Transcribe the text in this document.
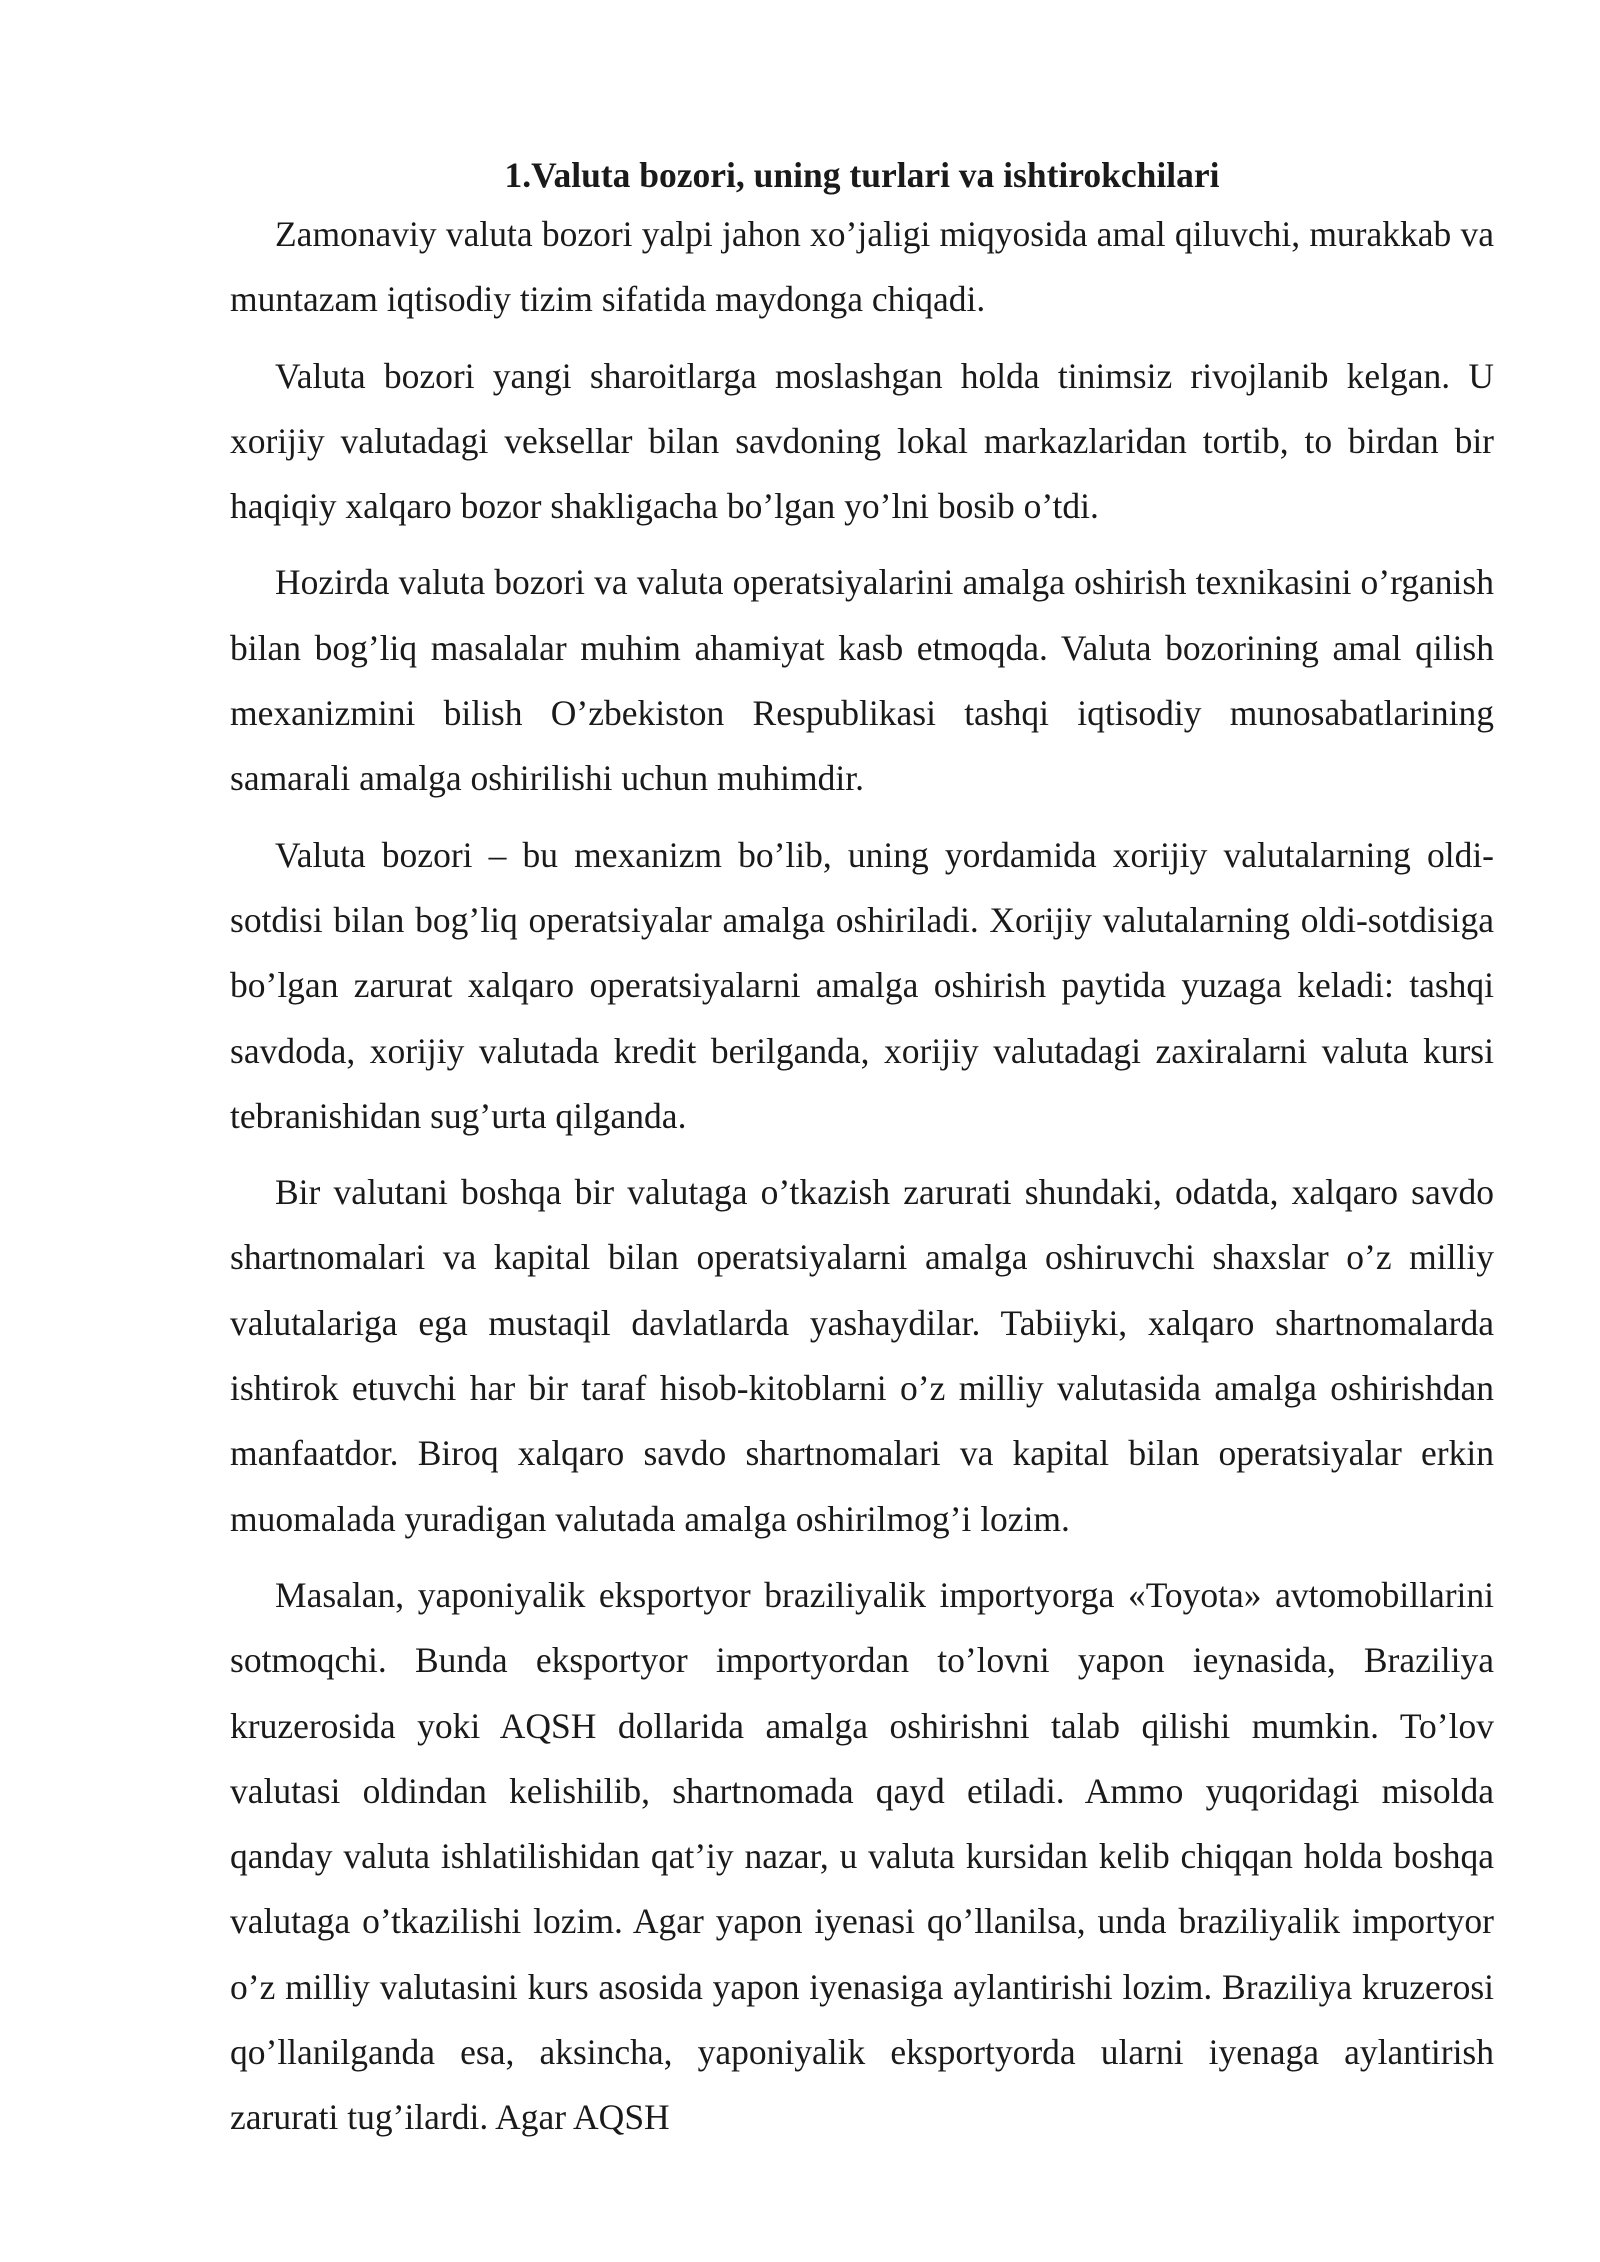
1.Valuta bozori, uning turlari va ishtirokchilari

Zamonaviy valuta bozori yalpi jahon xo’jaligi miqyosida amal qiluvchi, murakkab va muntazam iqtisodiy tizim sifatida maydonga chiqadi.

Valuta bozori yangi sharoitlarga moslashgan holda tinimsiz rivojlanib kelgan. U xorijiy valutadagi veksellar bilan savdoning lokal markazlaridan tortib, to birdan bir haqiqiy xalqaro bozor shakligacha bo’lgan yo’lni bosib o’tdi.

Hozirda valuta bozori va valuta operatsiyalarini amalga oshirish texnikasini o’rganish bilan bog’liq masalalar muhim ahamiyat kasb etmoqda. Valuta bozorining amal qilish mexanizmini bilish O’zbekiston Respublikasi tashqi iqtisodiy munosabatlarining samarali amalga oshirilishi uchun muhimdir.

Valuta bozori – bu mexanizm bo’lib, uning yordamida xorijiy valutalarning oldi-sotdisi bilan bog’liq operatsiyalar amalga oshiriladi. Xorijiy valutalarning oldi-sotdisiga bo’lgan zarurat xalqaro operatsiyalarni amalga oshirish paytida yuzaga keladi: tashqi savdoda, xorijiy valutada kredit berilganda, xorijiy valutadagi zaxiralarni valuta kursi tebranishidan sug’urta qilganda.

Bir valutani boshqa bir valutaga o’tkazish zarurati shundaki, odatda, xalqaro savdo shartnomalari va kapital bilan operatsiyalarni amalga oshiruvchi shaxslar o’z milliy valutalariga ega mustaqil davlatlarda yashaydilar. Tabiiyki, xalqaro shartnomalarda ishtirok etuvchi har bir taraf hisob-kitoblarni o’z milliy valutasida amalga oshirishdan manfaatdor. Biroq xalqaro savdo shartnomalari va kapital bilan operatsiyalar erkin muomalada yuradigan valutada amalga oshirilmog’i lozim.

Masalan, yaponiyalik eksportyor braziliyalik importyorga «Toyota» avtomobillarini sotmoqchi. Bunda eksportyor importyordan to’lovni yapon ieynasida, Braziliya kruzerosida yoki AQSH dollarida amalga oshirishni talab qilishi mumkin. To’lov valutasi oldindan kelishilib, shartnomada qayd etiladi. Ammo yuqoridagi misolda qanday valuta ishlatilishidan qat’iy nazar, u valuta kursidan kelib chiqqan holda boshqa valutaga o’tkazilishi lozim. Agar yapon iyenasi qo’llanilsa, unda braziliyalik importyor o’z milliy valutasini kurs asosida yapon iyenasiga aylantirishi lozim. Braziliya kruzerosi qo’llanilganda esa, aksincha, yaponiyalik eksportyorda ularni iyenaga aylantirish zarurati tug’ilardi. Agar AQSH
